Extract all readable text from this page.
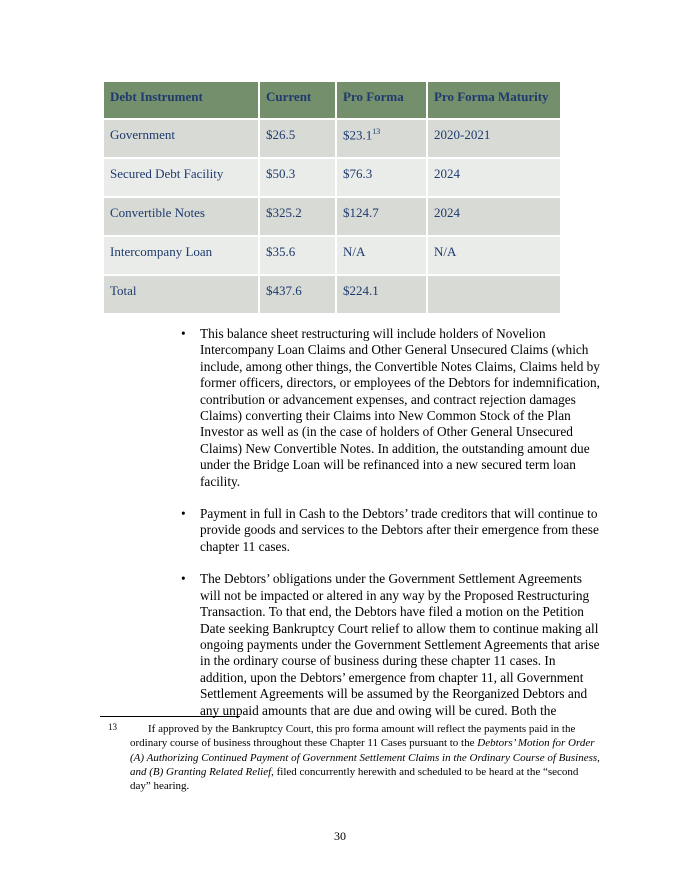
Debt Instrument	Current	Pro Forma	Pro Forma Maturity
Government	$26.5	$23.1$^{13}$	2020-2021
Secured Debt Facility	$50.3	$76.3	2024
Convertible Notes	$325.2	$124.7	2024
Intercompany Loan	$35.6	N/A	N/A
Total	$437.6	$224.1	
• This balance sheet restructuring will include holders of Novelion Intercompany Loan Claims and Other General Unsecured Claims (which include, among other things, the Convertible Notes Claims, Claims held by former officers, directors, or employees of the Debtors for indemnification, contribution or advancement expenses, and contract rejection damages Claims) converting their Claims into New Common Stock of the Plan Investor as well as (in the case of holders of Other General Unsecured Claims) New Convertible Notes. In addition, the outstanding amount due under the Bridge Loan will be refinanced into a new secured term loan facility.
• Payment in full in Cash to the Debtors’ trade creditors that will continue to provide goods and services to the Debtors after their emergence from these chapter 11 cases.
• The Debtors’ obligations under the Government Settlement Agreements will not be impacted or altered in any way by the Proposed Restructuring Transaction. To that end, the Debtors have filed a motion on the Petition Date seeking Bankruptcy Court relief to allow them to continue making all ongoing payments under the Government Settlement Agreements that arise in the ordinary course of business during these chapter 11 cases. In addition, upon the Debtors’ emergence from chapter 11, all Government Settlement Agreements will be assumed by the Reorganized Debtors and any unpaid amounts that are due and owing will be cured. Both the
13	If approved by the Bankruptcy Court, this pro forma amount will reflect the payments paid in the ordinary course of business throughout these Chapter 11 Cases pursuant to the Debtors’ Motion for Order (A) Authorizing Continued Payment of Government Settlement Claims in the Ordinary Course of Business, and (B) Granting Related Relief, filed concurrently herewith and scheduled to be heard at the “second day” hearing.
30
